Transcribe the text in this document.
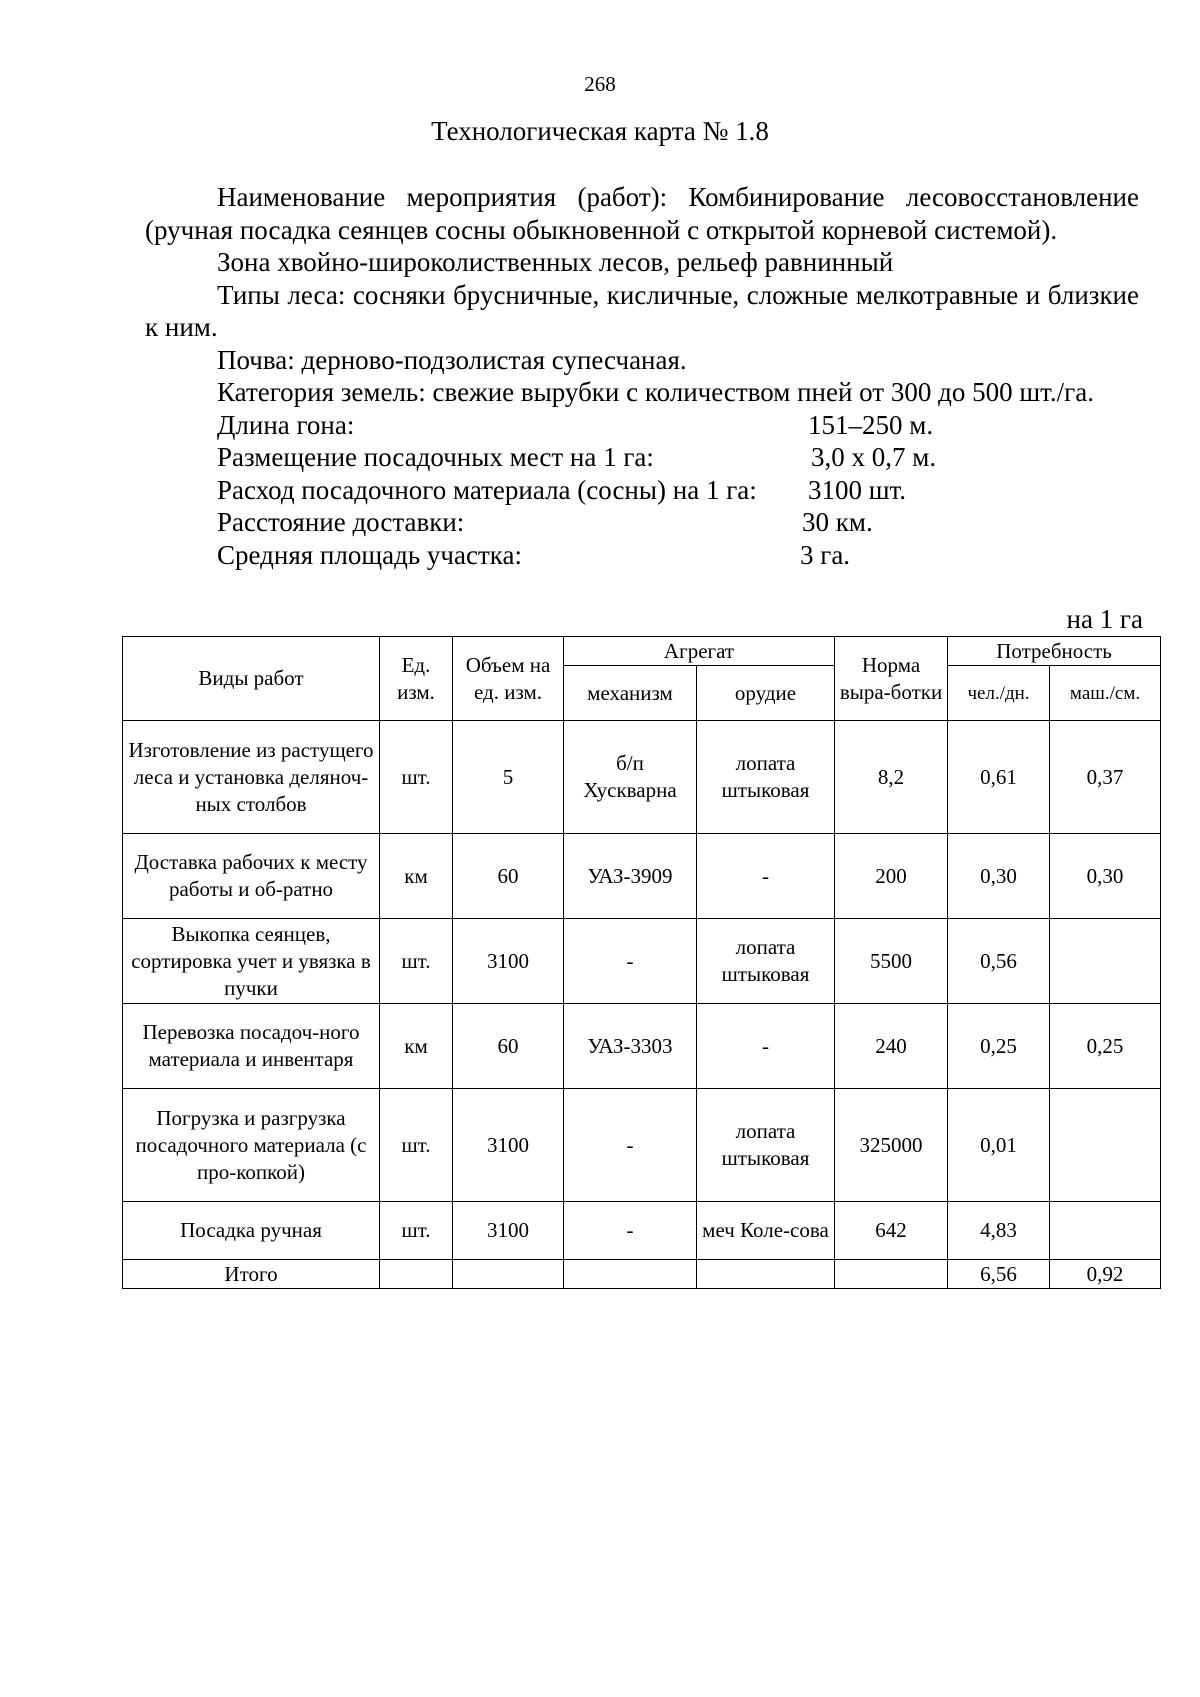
268
Технологическая карта № 1.8

Наименование мероприятия (работ): Комбинирование лесовосстановление (ручная посадка сеянцев сосны обыкновенной с открытой корневой системой).

Зона хвойно-широколиственных лесов, рельеф равнинный

Типы леса: сосняки брусничные, кисличные, сложные мелкотравные и близкие к ним.

Почва: дерново-подзолистая супесчаная.

Категория земель: свежие вырубки с количеством пней от 300 до 500 шт./га.

Длина гона:	151–250 м.
Размещение посадочных мест на 1 га:	3,0 х 0,7 м.
Расход посадочного материала (сосны) на 1 га: 3100 шт.
Расстояние доставки:	30 км.
Средняя площадь участка:	3 га.
на 1 га
Виды работ	Ед. изм.	Объем на ед. изм.	Агрегат		Норма выра-ботки	Потребность	
			механизм	орудие		чел./дн.	маш./см.
Изготовление из растущего леса и установка деляноч-ных столбов	шт.	5	б/п Хускварна	лопата штыковая	8,2	0,61	0,37
Доставка рабочих к месту работы и об-ратно	км	60	УАЗ-3909	-	200	0,30	0,30
Выкопка сеянцев, сортировка учет и увязка в пучки	шт.	3100	-	лопата штыковая	5500	0,56	
Перевозка посадоч-ного материала и инвентаря	км	60	УАЗ-3303	-	240	0,25	0,25
Погрузка и разгрузка посадочного материала (с про-копкой)	шт.	3100	-	лопата штыковая	325000	0,01	
Посадка ручная	шт.	3100	-	меч Коле-сова	642	4,83	
Итого						6,56	0,92
